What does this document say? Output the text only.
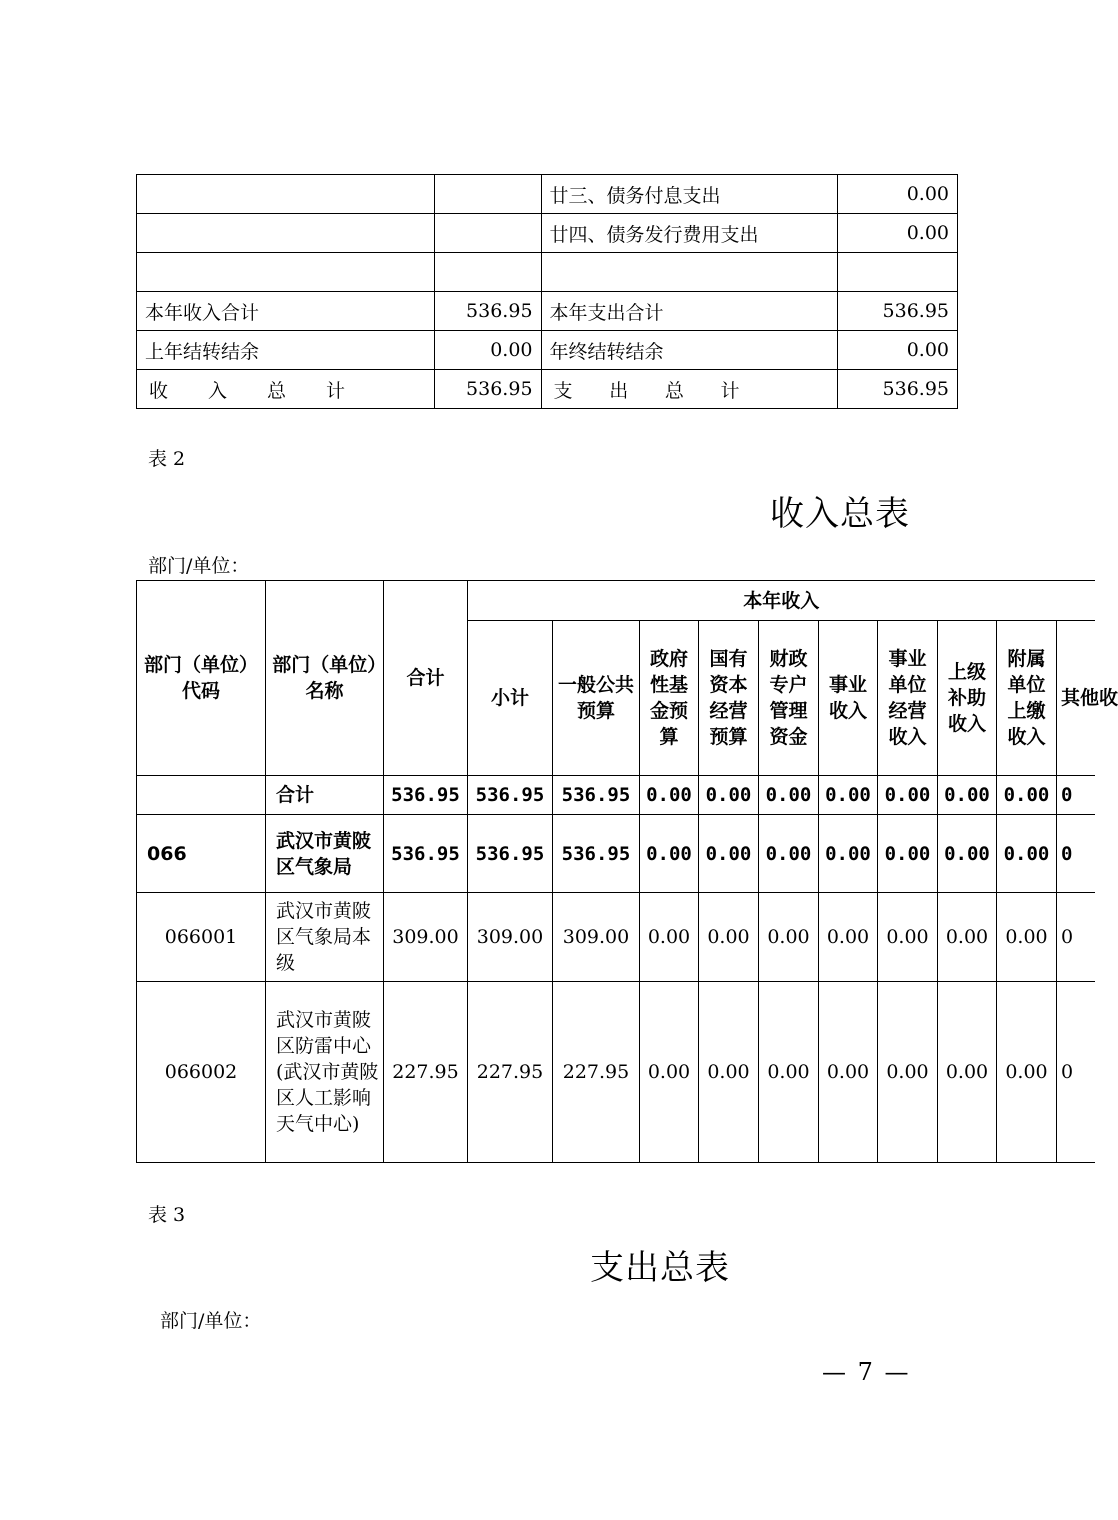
		廿三、债务付息支出	0.00
		廿四、债务发行费用支出	0.00

本年收入合计	536.95	本年支出合计	536.95
上年结转结余	0.00	年终结转结余	0.00

收 入 总 计	536.95	支 出 总 计	536.95
表 2
收入总表
部门/单位：
部门（单位）代码	部门（单位）名称	合计	本年收入									
			小计	一般公共预算	政府性基金预算	国有资本经营预算	财政专户管理资金	事业收入	事业单位经营收入	上级补助收入	附属单位上缴收入	其他收
	合计	536.95	536.95	536.95	0.00	0.00	0.00	0.00	0.00	0.00	0.00	0
066	武汉市黄陂区气象局	536.95	536.95	536.95	0.00	0.00	0.00	0.00	0.00	0.00	0.00	0
066001	武汉市黄陂区气象局本级	309.00	309.00	309.00	0.00	0.00	0.00	0.00	0.00	0.00	0.00	0
066002	武汉市黄陂区防雷中心(武汉市黄陂区人工影响天气中心)	227.95	227.95	227.95	0.00	0.00	0.00	0.00	0.00	0.00	0.00	0
表 3
支出总表
部门/单位：
— 7 —
